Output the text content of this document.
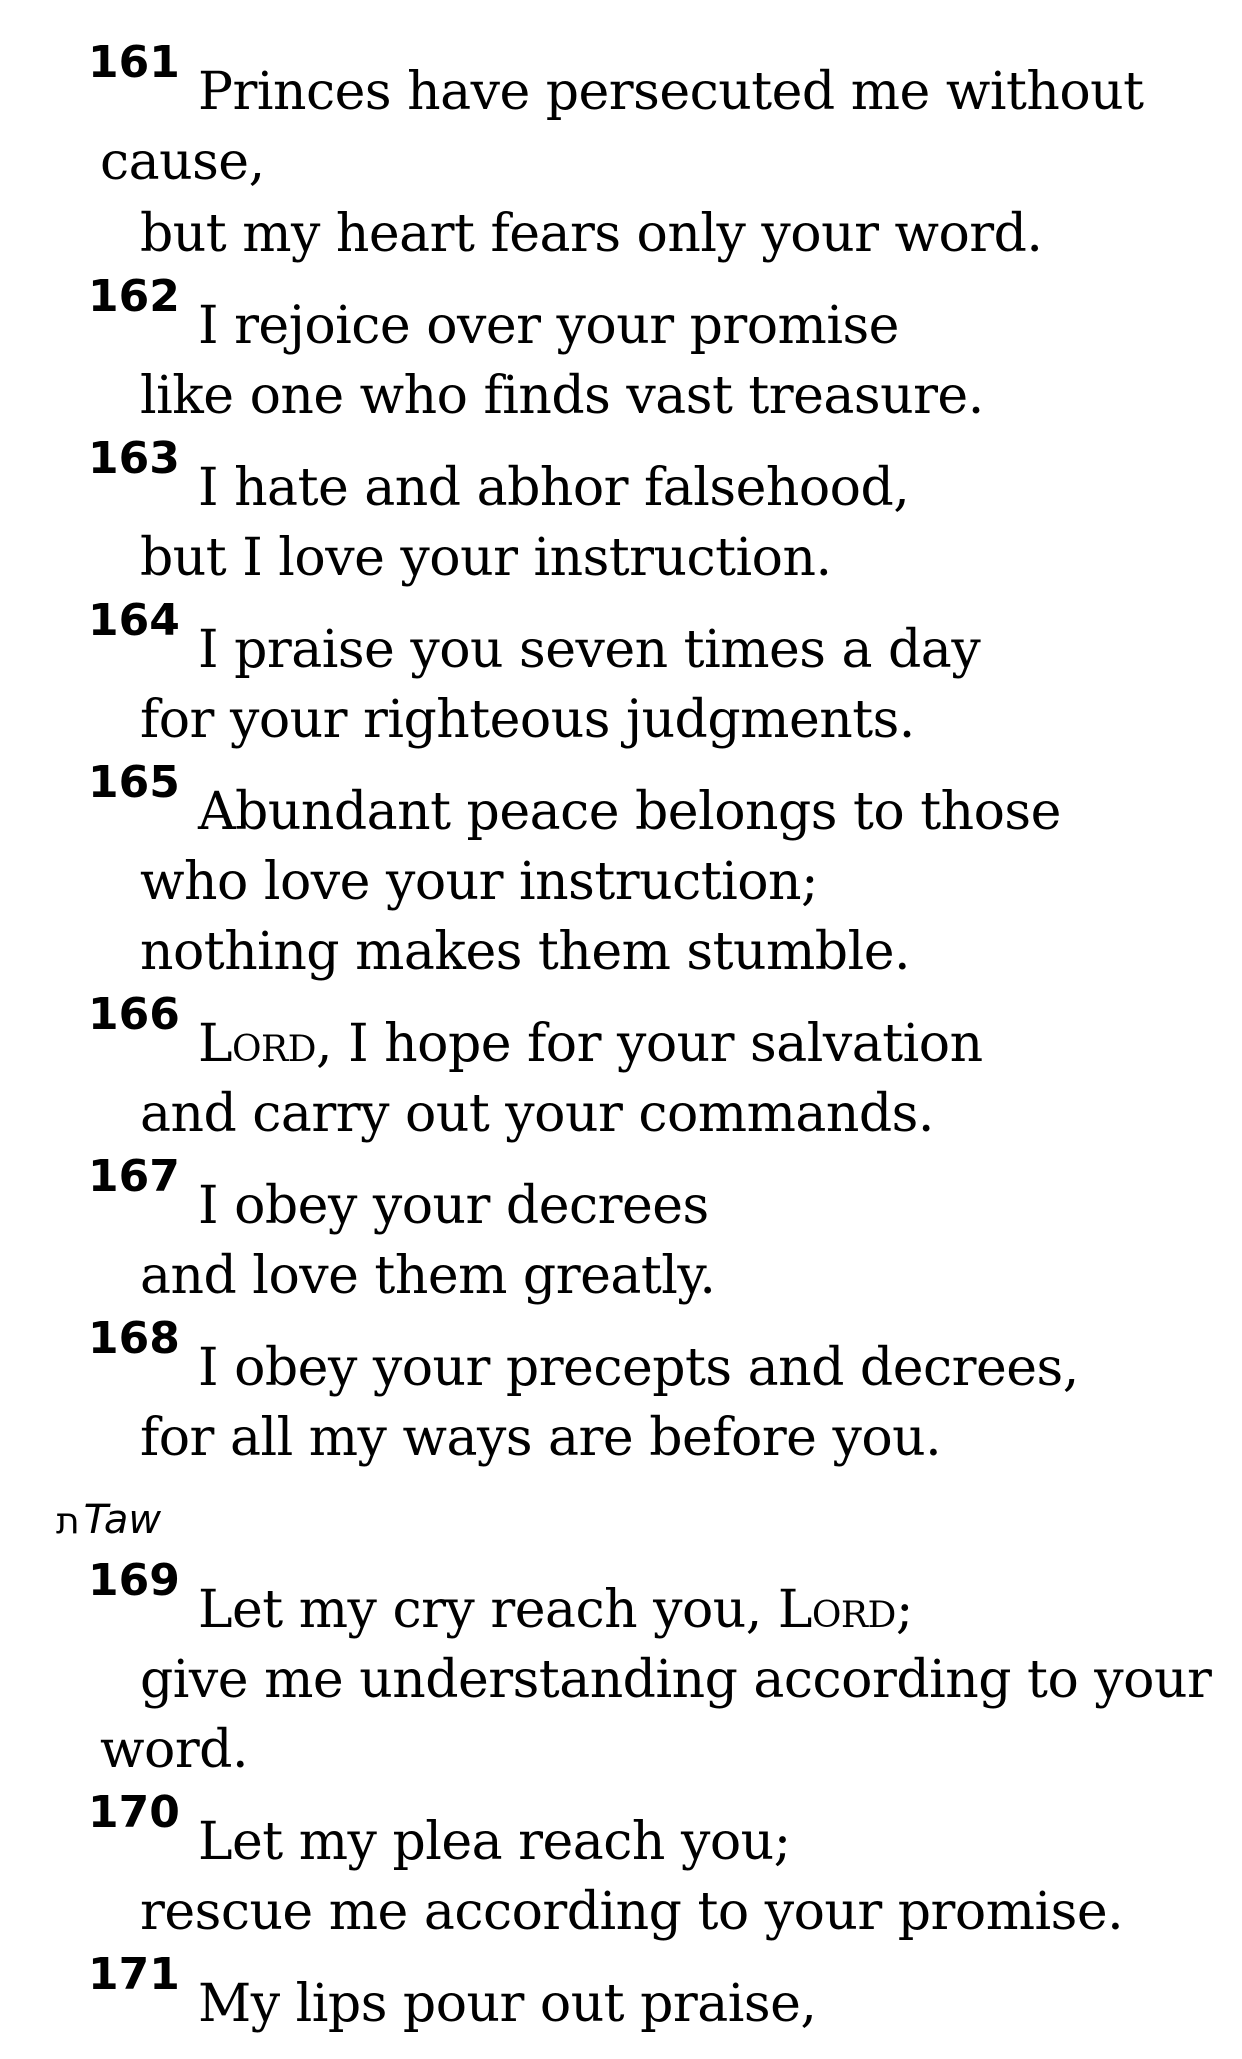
161 Princes have persecuted me without
cause,
but my heart fears only your word.
162 I rejoice over your promise
like one who finds vast treasure.
163 I hate and abhor falsehood,
but I love your instruction.
164 I praise you seven times a day
for your righteous judgments.
165 Abundant peace belongs to those
who love your instruction;
nothing makes them stumble.
166 Lord, I hope for your salvation
and carry out your commands.
167 I obey your decrees
and love them greatly.
168 I obey your precepts and decrees,
for all my ways are before you.
ת Taw
169 Let my cry reach you, Lord;
give me understanding according to your
word.
170 Let my plea reach you;
rescue me according to your promise.
171 My lips pour out praise,
